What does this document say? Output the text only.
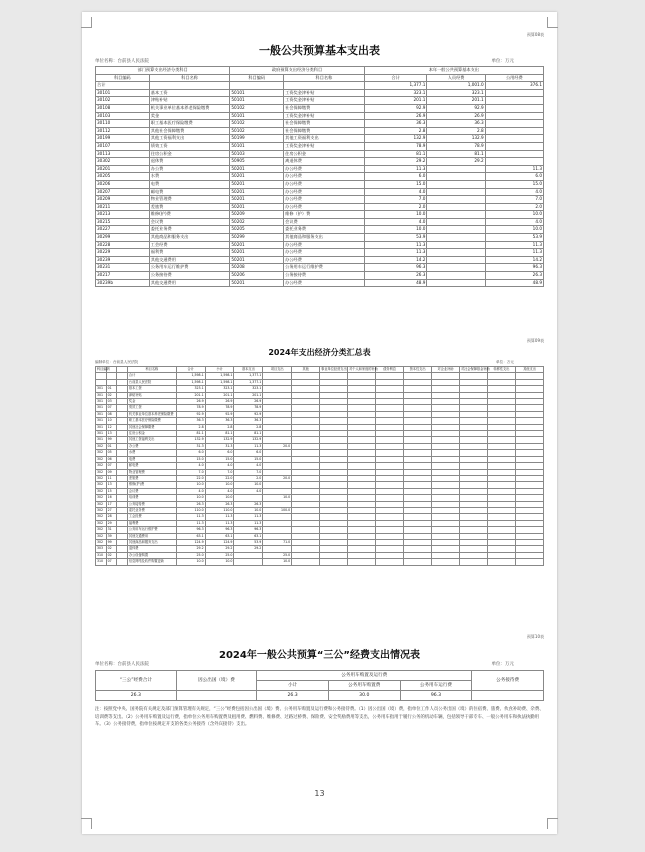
预算08表
一般公共预算基本支出表
单位名称：台前县人民法院	单位：万元
部门预算支出经济分类科目		政府预算支出经济分类科目		本年一般公共预算基本支出		
科目编码	科目名称	科目编码	科目名称	合计	人员经费	公用经费
合计				1,377.1	1,001.0	376.1
30101	基本工资	50101	工资奖金津补贴	323.1	323.1	
30102	津贴补贴	50101	工资奖金津补贴	201.1	201.1	
30108	机关事业单位基本养老保险缴费	50102	社会保障缴费	92.9	92.9	
30103	奖金	50101	工资奖金津补贴	26.9	26.9	
30110	职工基本医疗保险缴费	50102	社会保障缴费	36.3	36.3	
30112	其他社会保障缴费	50102	社会保障缴费	2.8	2.8	
30199	其他工资福利支出	50199	其他工资福利支出	132.9	132.9	
30107	绩效工资	50101	工资奖金津补贴	78.9	78.9	
30113	住房公积金	50103	住房公积金	81.1	81.1	
30302	退休费	50905	离退休费	29.2	29.2	
30201	办公费	50201	办公经费	11.3		11.3
30205	水费	50201	办公经费	6.0		6.0
30206	电费	50201	办公经费	15.0		15.0
30207	邮电费	50201	办公经费	4.0		4.0
30209	物业管理费	50201	办公经费	7.0		7.0
30211	差旅费	50201	办公经费	2.0		2.0
30213	维修(护)费	50209	维修（护）费	10.0		10.0
30215	会议费	50202	会议费	4.0		4.0
30227	委托业务费	50205	委托业务费	10.0		10.0
30299	其他商品和服务支出	50299	其他商品和服务支出	53.9		53.9
30228	工会经费	50201	办公经费	11.3		11.3
30229	福利费	50201	办公经费	11.3		11.3
30239	其他交通费用	50201	办公经费	14.2		14.2
30231	公务用车运行维护费	50208	公务用车运行维护费	96.3		96.3
30217	公务接待费	50206	公务接待费	26.3		26.3
30239b	其他交通费用	50201	办公经费	48.9		48.9
预算09表
2024年支出经济分类汇总表
编制单位：台前县人民法院	单位：万元
科目编码			科目名称	合计	小计	基本支出	项目支出	其他	事业单位经营支出	对个人和家庭的补助	债务利息	资本性支出	对企业补助	对社会保障基金补助	转移性支出	其他支出
			合计	1,598.1	1,598.1	1,377.1										
			台前县人民法院	1,598.1	1,598.1	1,377.1										
301	01		基本工资	323.1	323.1	323.1										
301	02		津贴补贴	201.1	201.1	201.1										
301	03		奖金	26.9	26.9	26.9										
301	07		绩效工资	78.9	78.9	78.9										
301	08		机关事业单位基本养老保险缴费	92.9	92.9	92.9										
301	10		职工基本医疗保险缴费	36.3	36.3	36.3										
301	12		其他社会保障缴费	2.8	2.8	2.8										
301	13		住房公积金	81.1	81.1	81.1										
301	99		其他工资福利支出	132.9	132.9	132.9										
302	01		办公费	31.3	31.3	11.3	20.0									
302	05		水费	6.0	6.0	6.0										
302	06		电费	15.0	15.0	15.0										
302	07		邮电费	4.0	4.0	4.0										
302	09		物业管理费	7.0	7.0	7.0										
302	11		差旅费	22.0	22.0	2.0	20.0									
302	13		维修(护)费	10.0	10.0	10.0										
302	15		会议费	4.0	4.0	4.0										
302	16		培训费	10.0	10.0		10.0									
302	17		公务接待费	26.3	26.3	26.3										
302	27		委托业务费	110.0	110.0	10.0	100.0									
302	28		工会经费	11.3	11.3	11.3										
302	29		福利费	11.3	11.3	11.3										
302	31		公务用车运行维护费	96.3	96.3	96.3										
302	39		其他交通费用	63.1	63.1	63.1										
302	99		其他商品和服务支出	124.9	124.9	53.9	71.0									
303	02		退休费	29.2	29.2	29.2										
310	02		办公设备购置	25.0	25.0		25.0									
310	07		信息网络及软件购置更新	10.0	10.0		10.0									
预算10表
2024年一般公共预算“三公”经费支出情况表
单位名称：台前县人民法院	单位：万元
“三公”经费合计	因公出国（境）费	公务用车购置及运行费			公务接待费
		小计	公务用车购置费	公务用车运行费	
26.3		26.3	30.0	96.3	
注：按照党中央、国务院有关规定及部门预算管理有关规定，“三公”经费包括因公出国（境）费、公务用车购置及运行费和公务接待费。（1）因公出国（境）费，指单位工作人员公务出国（境）的住宿费、旅费、伙食补助费、杂费、培训费等支出。（2）公务用车购置及运行费，指单位公务用车购置费及租用费、燃料费、维修费、过路过桥费、保险费、安全奖励费用等支出，公务用车指用于履行公务的机动车辆，包括领导干部专车、一般公务用车和执法执勤用车。（3）公务接待费，指单位按规定开支的各类公务接待（含外宾接待）支出。
13
